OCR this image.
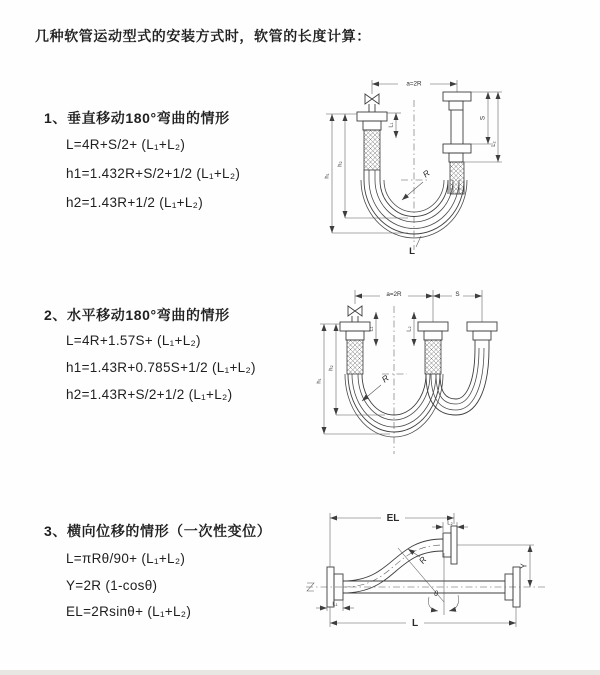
几种软管运动型式的安装方式时，软管的长度计算：
1、垂直移动180°弯曲的情形
L=4R+S/2+ (L₁+L₂)
h1=1.432R+S/2+1/2 (L₁+L₂)
h2=1.43R+1/2 (L₁+L₂)
a=2R
S
L₂
L₁
h₂
h₁	R
L
2、水平移动180°弯曲的情形
L=4R+1.57S+ (L₁+L₂)
h1=1.43R+0.785S+1/2 (L₁+L₂)
h2=1.43R+S/2+1/2 (L₁+L₂)
a=2R	S
L₁	L₂
h₂
h₁	R
3、横向位移的情形（一次性变位）
L=πRθ/90+ (L₁+L₂)
Y=2R (1-cosθ)
EL=2Rsinθ+ (L₁+L₂)
EL	L₂
Y
R
θ
L₁
L
